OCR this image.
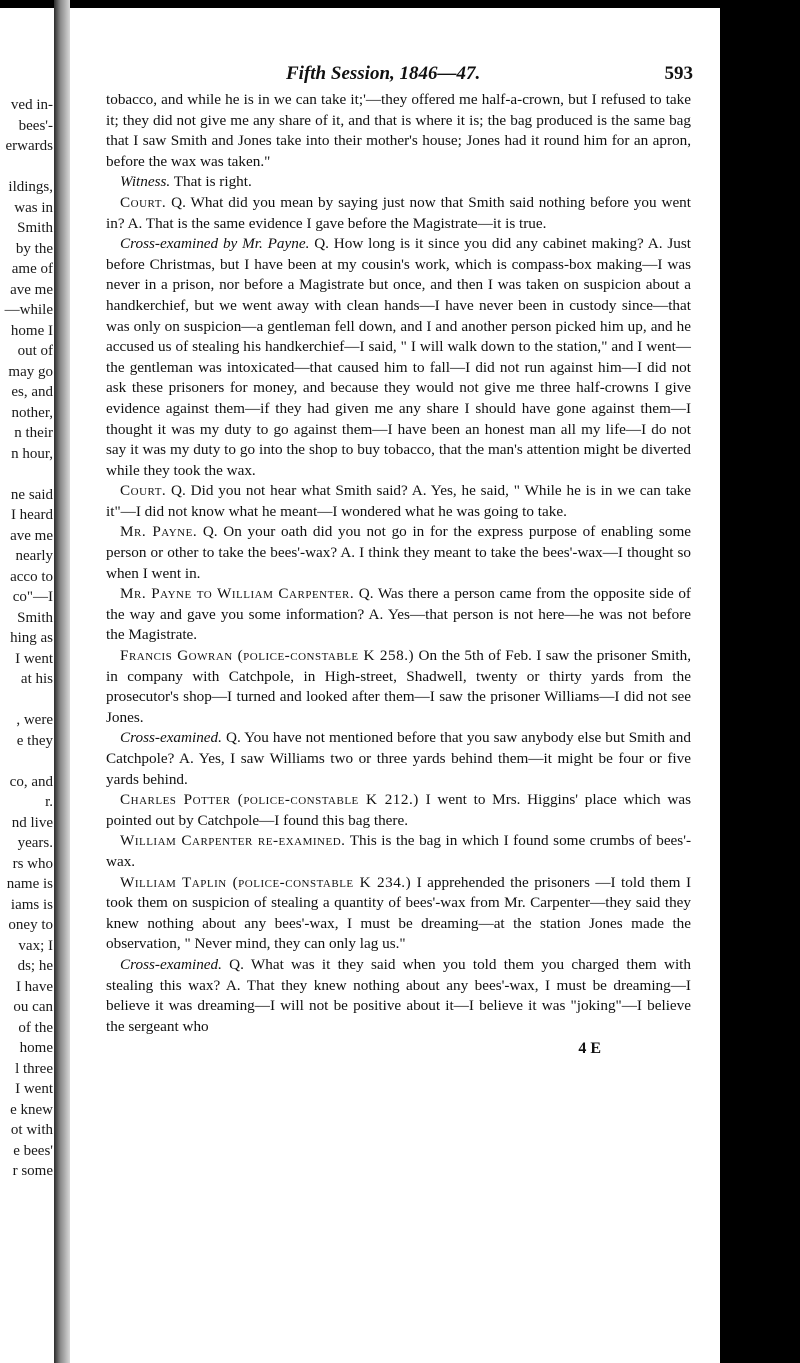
ved in-
bees'-
erwards

ildings,
was in
Smith
by the
ame of
ave me
—while
home I
out of
may go
es, and
nother,
n their
n hour,

ne said
I heard
ave me
nearly
acco to
co"—I
Smith
hing as
I went
at his

, were
e they

co, and
r.
nd live
years.
rs who
name is
iams is
oney to
vax; I
ds; he
I have
ou can
of the
home
l three
I went
e knew
ot with
e bees'
r some
Fifth Session, 1846—47.	593

tobacco, and while he is in we can take it;'—they offered me half-a-crown, but I refused to take it; they did not give me any share of it, and that is where it is; the bag produced is the same bag that I saw Smith and Jones take into their mother's house; Jones had it round him for an apron, before the wax was taken."

Witness. That is right.

Court. Q. What did you mean by saying just now that Smith said nothing before you went in? A. That is the same evidence I gave before the Magistrate—it is true.

Cross-examined by Mr. Payne. Q. How long is it since you did any cabinet making? A. Just before Christmas, but I have been at my cousin's work, which is compass-box making—I was never in a prison, nor before a Magistrate but once, and then I was taken on suspicion about a handkerchief, but we went away with clean hands—I have never been in custody since—that was only on suspicion—a gentleman fell down, and I and another person picked him up, and he accused us of stealing his handkerchief—I said, " I will walk down to the station," and I went—the gentleman was intoxicated—that caused him to fall—I did not run against him—I did not ask these prisoners for money, and because they would not give me three half-crowns I give evidence against them—if they had given me any share I should have gone against them—I thought it was my duty to go against them—I have been an honest man all my life—I do not say it was my duty to go into the shop to buy tobacco, that the man's attention might be diverted while they took the wax.

Court. Q. Did you not hear what Smith said? A. Yes, he said, " While he is in we can take it"—I did not know what he meant—I wondered what he was going to take.

Mr. Payne. Q. On your oath did you not go in for the express purpose of enabling some person or other to take the bees'-wax? A. I think they meant to take the bees'-wax—I thought so when I went in.

Mr. Payne to William Carpenter. Q. Was there a person came from the opposite side of the way and gave you some information? A. Yes—that person is not here—he was not before the Magistrate.

Francis Gowran (police-constable K 258.) On the 5th of Feb. I saw the prisoner Smith, in company with Catchpole, in High-street, Shadwell, twenty or thirty yards from the prosecutor's shop—I turned and looked after them—I saw the prisoner Williams—I did not see Jones.

Cross-examined. Q. You have not mentioned before that you saw anybody else but Smith and Catchpole? A. Yes, I saw Williams two or three yards behind them—it might be four or five yards behind.

Charles Potter (police-constable K 212.) I went to Mrs. Higgins' place which was pointed out by Catchpole—I found this bag there.

William Carpenter re-examined. This is the bag in which I found some crumbs of bees'-wax.

William Taplin (police-constable K 234.) I apprehended the prisoners —I told them I took them on suspicion of stealing a quantity of bees'-wax from Mr. Carpenter—they said they knew nothing about any bees'-wax, I must be dreaming—at the station Jones made the observation, " Never mind, they can only lag us."

Cross-examined. Q. What was it they said when you told them you charged them with stealing this wax? A. That they knew nothing about any bees'-wax, I must be dreaming—I believe it was dreaming—I will not be positive about it—I believe it was "joking"—I believe the sergeant who

4 E
